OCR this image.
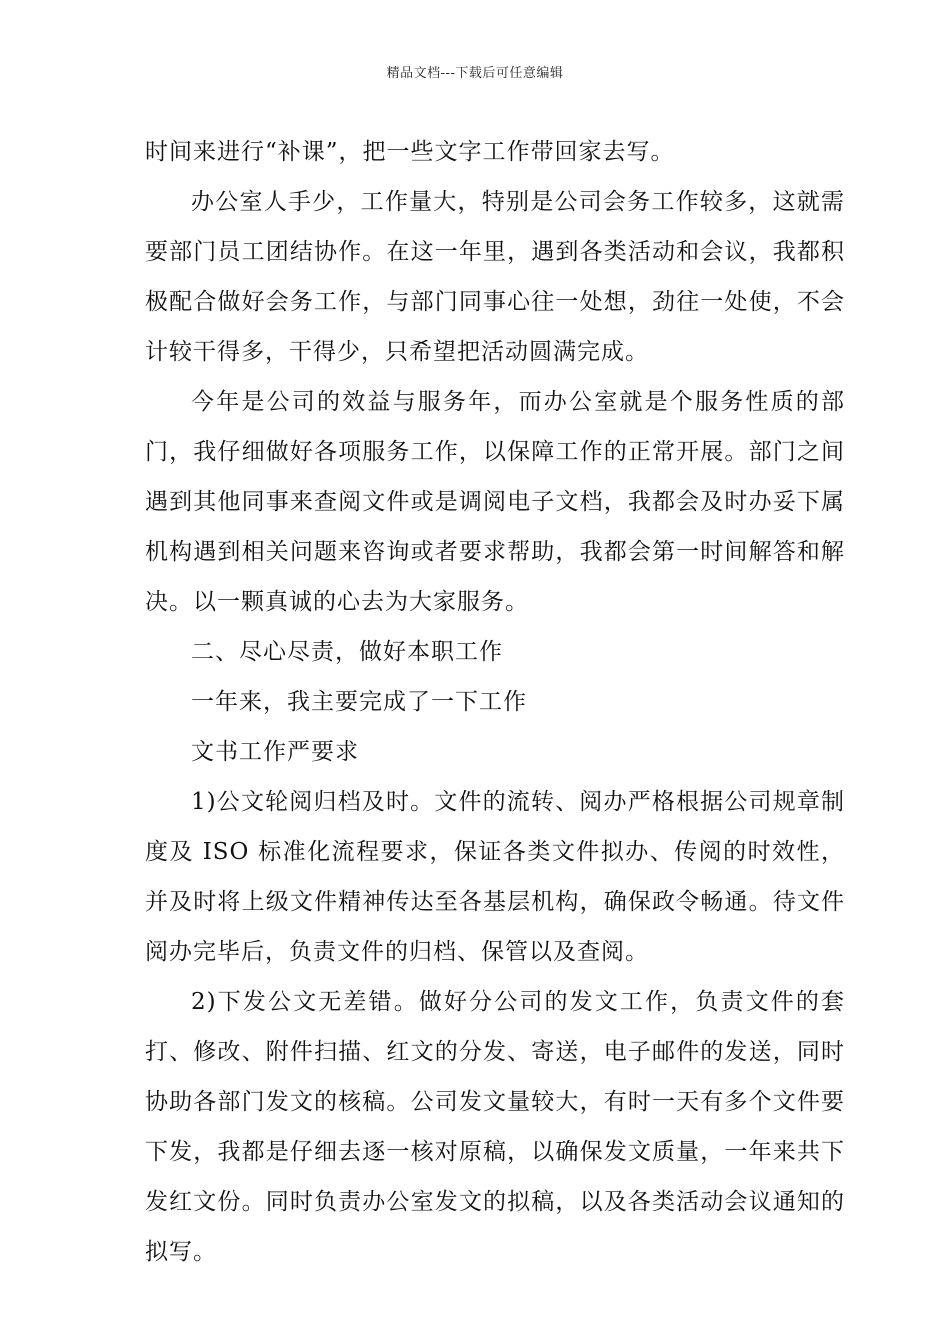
精品文档---下载后可任意编辑

时间来进行“补课”，把一些文字工作带回家去写。

办公室人手少，工作量大，特别是公司会务工作较多，这就需要部门员工团结协作。在这一年里，遇到各类活动和会议，我都积极配合做好会务工作，与部门同事心往一处想，劲往一处使，不会计较干得多，干得少，只希望把活动圆满完成。

今年是公司的效益与服务年，而办公室就是个服务性质的部门，我仔细做好各项服务工作，以保障工作的正常开展。部门之间遇到其他同事来查阅文件或是调阅电子文档，我都会及时办妥下属机构遇到相关问题来咨询或者要求帮助，我都会第一时间解答和解决。以一颗真诚的心去为大家服务。

二、尽心尽责，做好本职工作

一年来，我主要完成了一下工作

文书工作严要求

1)公文轮阅归档及时。文件的流转、阅办严格根据公司规章制度及 ISO 标准化流程要求，保证各类文件拟办、传阅的时效性，并及时将上级文件精神传达至各基层机构，确保政令畅通。待文件阅办完毕后，负责文件的归档、保管以及查阅。

2)下发公文无差错。做好分公司的发文工作，负责文件的套打、修改、附件扫描、红文的分发、寄送，电子邮件的发送，同时协助各部门发文的核稿。公司发文量较大，有时一天有多个文件要下发，我都是仔细去逐一核对原稿，以确保发文质量，一年来共下发红文份。同时负责办公室发文的拟稿，以及各类活动会议通知的拟写。
